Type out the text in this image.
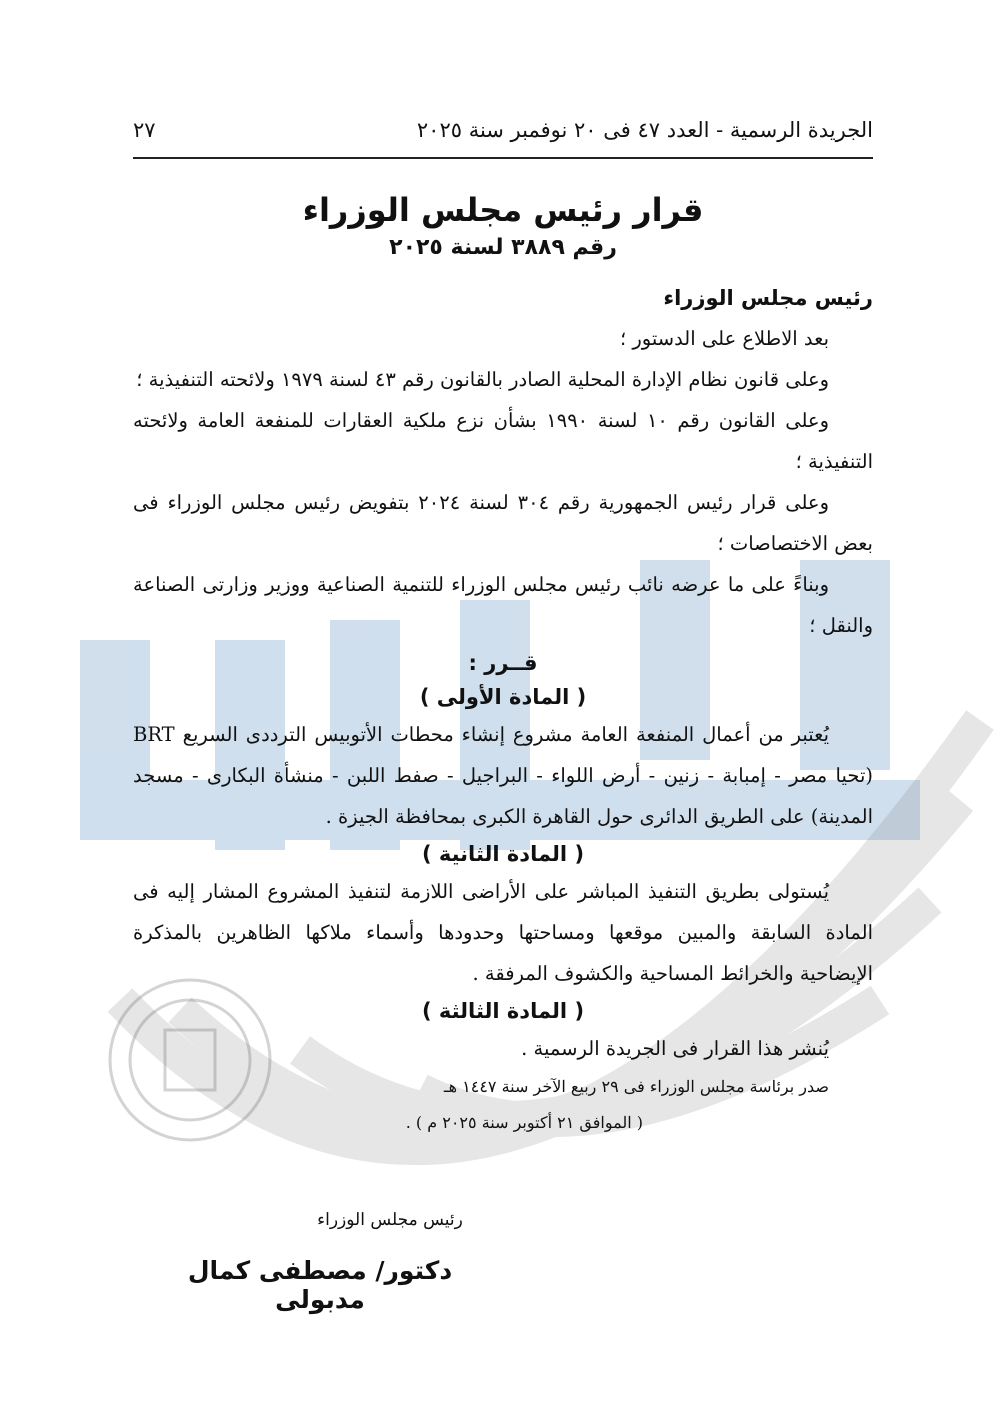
الجريدة الرسمية - العدد ٤٧ فى ٢٠ نوفمبر سنة ٢٠٢٥
٢٧
قرار رئيس مجلس الوزراء
رقم ٣٨٨٩ لسنة ٢٠٢٥
رئيس مجلس الوزراء

بعد الاطلاع على الدستور ؛

وعلى قانون نظام الإدارة المحلية الصادر بالقانون رقم ٤٣ لسنة ١٩٧٩ ولائحته التنفيذية ؛

وعلى القانون رقم ١٠ لسنة ١٩٩٠ بشأن نزع ملكية العقارات للمنفعة العامة ولائحته التنفيذية ؛

وعلى قرار رئيس الجمهورية رقم ٣٠٤ لسنة ٢٠٢٤ بتفويض رئيس مجلس الوزراء فى بعض الاختصاصات ؛

وبناءً على ما عرضه نائب رئيس مجلس الوزراء للتنمية الصناعية ووزير وزارتى الصناعة والنقل ؛

قــرر :
( المادة الأولى )

يُعتبر من أعمال المنفعة العامة مشروع إنشاء محطات الأتوبيس الترددى السريع BRT (تحيا مصر - إمبابة - زنين - أرض اللواء - البراجيل - صفط اللبن - منشأة البكارى - مسجد المدينة) على الطريق الدائرى حول القاهرة الكبرى بمحافظة الجيزة .

( المادة الثانية )

يُستولى بطريق التنفيذ المباشر على الأراضى اللازمة لتنفيذ المشروع المشار إليه فى المادة السابقة والمبين موقعها ومساحتها وحدودها وأسماء ملاكها الظاهرين بالمذكرة الإيضاحية والخرائط المساحية والكشوف المرفقة .

( المادة الثالثة )

يُنشر هذا القرار فى الجريدة الرسمية .

صدر برئاسة مجلس الوزراء فى ٢٩ ربيع الآخر سنة ١٤٤٧ هـ

( الموافق ٢١ أكتوبر سنة ٢٠٢٥ م ) .

رئيس مجلس الوزراء
دكتور/ مصطفى كمال مدبولى
